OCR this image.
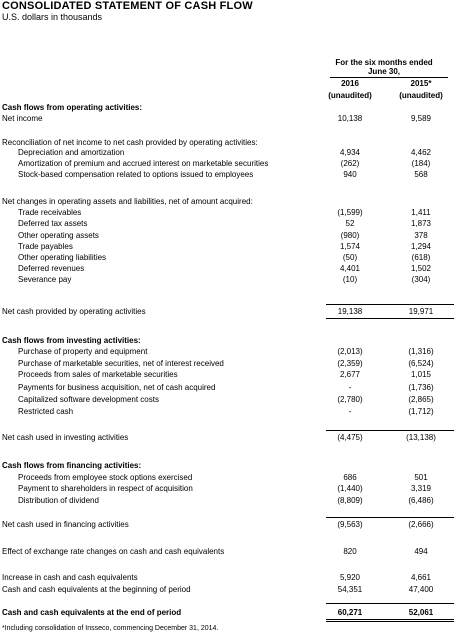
CONSOLIDATED STATEMENT OF CASH FLOW
U.S. dollars in thousands
For the six months ended
June 30,
2016	2015*
(unaudited)	(unaudited)
Cash flows from operating activities:
Net income	10,138	9,589
Reconciliation of net income to net cash provided by operating activities:
Depreciation and amortization	4,934	4,462
Amortization of premium and accrued interest on marketable securities	(262)	(184)
Stock-based compensation related to options issued to employees	940	568
Net changes in operating assets and liabilities, net of amount acquired:
Trade receivables	(1,599)	1,411
Deferred tax assets	52	1,873
Other operating assets	(980)	378
Trade payables	1,574	1,294
Other operating liabilities	(50)	(618)
Deferred revenues	4,401	1,502
Severance pay	(10)	(304)
Net cash provided by operating activities	19,138	19,971
Cash flows from investing activities:
Purchase of property and equipment	(2,013)	(1,316)
Purchase of marketable securities, net of interest received	(2,359)	(6,524)
Proceeds from sales of marketable securities	2,677	1,015
Payments for business acquisition, net of cash acquired	-	(1,736)
Capitalized software development costs	(2,780)	(2,865)
Restricted cash	-	(1,712)
Net cash used in investing activities	(4,475)	(13,138)
Cash flows from financing activities:
Proceeds from employee stock options exercised	686	501
Payment to shareholders in respect of acquisition	(1,440)	3,319
Distribution of dividend	(8,809)	(6,486)
Net cash used in financing activities	(9,563)	(2,666)
Effect of exchange rate changes on cash and cash equivalents	820	494
Increase in cash and cash equivalents	5,920	4,661
Cash and cash equivalents at the beginning of period	54,351	47,400
Cash and cash equivalents at the end of period	60,271	52,061
*Including consolidation of Insseco, commencing December 31, 2014.
